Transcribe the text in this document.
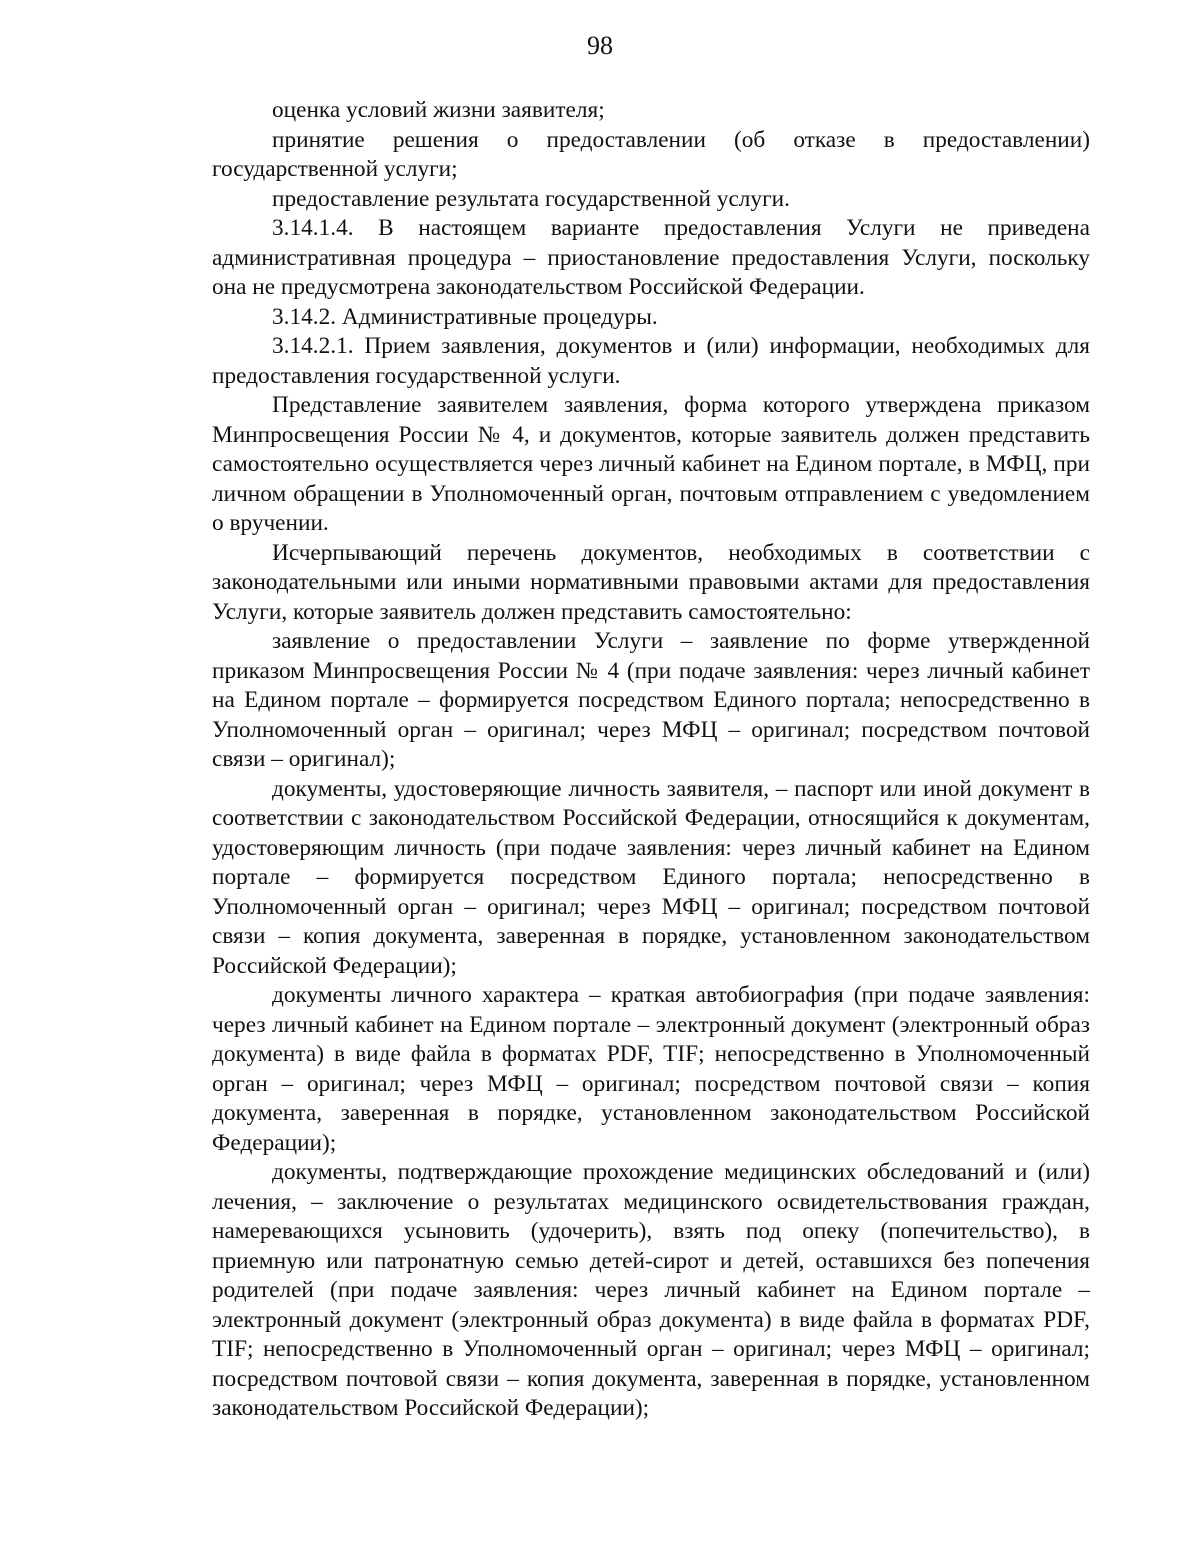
98

оценка условий жизни заявителя;

принятие решения о предоставлении (об отказе в предоставлении) государственной услуги;

предоставление результата государственной услуги.

3.14.1.4. В настоящем варианте предоставления Услуги не приведена административная процедура – приостановление предоставления Услуги, поскольку она не предусмотрена законодательством Российской Федерации.

3.14.2. Административные процедуры.

3.14.2.1. Прием заявления, документов и (или) информации, необходимых для предоставления государственной услуги.

Представление заявителем заявления, форма которого утверждена приказом Минпросвещения России № 4, и документов, которые заявитель должен представить самостоятельно осуществляется через личный кабинет на Едином портале, в МФЦ, при личном обращении в Уполномоченный орган, почтовым отправлением с уведомлением о вручении.

Исчерпывающий перечень документов, необходимых в соответствии с законодательными или иными нормативными правовыми актами для предоставления Услуги, которые заявитель должен представить самостоятельно:

заявление о предоставлении Услуги – заявление по форме утвержденной приказом Минпросвещения России № 4 (при подаче заявления: через личный кабинет на Едином портале – формируется посредством Единого портала; непосредственно в Уполномоченный орган – оригинал; через МФЦ – оригинал; посредством почтовой связи – оригинал);

документы, удостоверяющие личность заявителя, – паспорт или иной документ в соответствии с законодательством Российской Федерации, относящийся к документам, удостоверяющим личность (при подаче заявления: через личный кабинет на Едином портале – формируется посредством Единого портала; непосредственно в Уполномоченный орган – оригинал; через МФЦ – оригинал; посредством почтовой связи – копия документа, заверенная в порядке, установленном законодательством Российской Федерации);

документы личного характера – краткая автобиография (при подаче заявления: через личный кабинет на Едином портале – электронный документ (электронный образ документа) в виде файла в форматах PDF, TIF; непосредственно в Уполномоченный орган – оригинал; через МФЦ – оригинал; посредством почтовой связи – копия документа, заверенная в порядке, установленном законодательством Российской Федерации);

документы, подтверждающие прохождение медицинских обследований и (или) лечения, – заключение о результатах медицинского освидетельствования граждан, намеревающихся усыновить (удочерить), взять под опеку (попечительство), в приемную или патронатную семью детей-сирот и детей, оставшихся без попечения родителей (при подаче заявления: через личный кабинет на Едином портале – электронный документ (электронный образ документа) в виде файла в форматах PDF, TIF; непосредственно в Уполномоченный орган – оригинал; через МФЦ – оригинал; посредством почтовой связи – копия документа, заверенная в порядке, установленном законодательством Российской Федерации);
